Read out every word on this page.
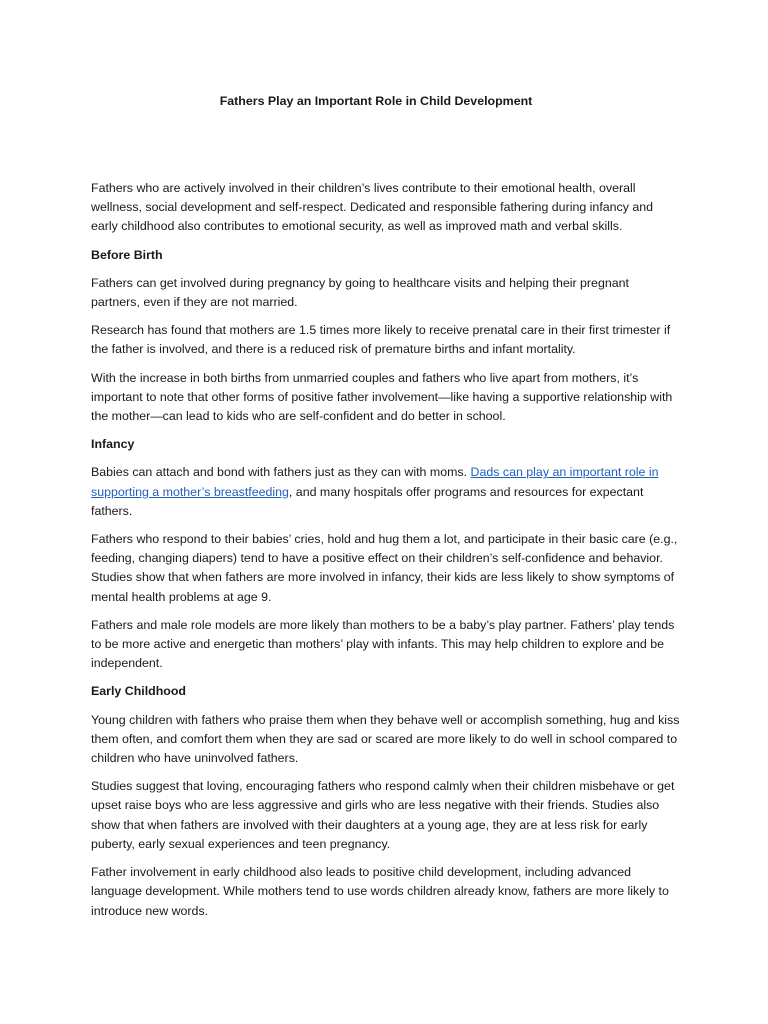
Fathers Play an Important Role in Child Development

Fathers who are actively involved in their children’s lives contribute to their emotional health, overall wellness, social development and self-respect. Dedicated and responsible fathering during infancy and early childhood also contributes to emotional security, as well as improved math and verbal skills.

Before Birth

Fathers can get involved during pregnancy by going to healthcare visits and helping their pregnant partners, even if they are not married.

Research has found that mothers are 1.5 times more likely to receive prenatal care in their first trimester if the father is involved, and there is a reduced risk of premature births and infant mortality.

With the increase in both births from unmarried couples and fathers who live apart from mothers, it’s important to note that other forms of positive father involvement—like having a supportive relationship with the mother—can lead to kids who are self-confident and do better in school.

Infancy

Babies can attach and bond with fathers just as they can with moms. Dads can play an important role in supporting a mother’s breastfeeding, and many hospitals offer programs and resources for expectant fathers.

Fathers who respond to their babies’ cries, hold and hug them a lot, and participate in their basic care (e.g., feeding, changing diapers) tend to have a positive effect on their children’s self-confidence and behavior. Studies show that when fathers are more involved in infancy, their kids are less likely to show symptoms of mental health problems at age 9.

Fathers and male role models are more likely than mothers to be a baby’s play partner. Fathers’ play tends to be more active and energetic than mothers’ play with infants. This may help children to explore and be independent.

Early Childhood

Young children with fathers who praise them when they behave well or accomplish something, hug and kiss them often, and comfort them when they are sad or scared are more likely to do well in school compared to children who have uninvolved fathers.

Studies suggest that loving, encouraging fathers who respond calmly when their children misbehave or get upset raise boys who are less aggressive and girls who are less negative with their friends. Studies also show that when fathers are involved with their daughters at a young age, they are at less risk for early puberty, early sexual experiences and teen pregnancy.

Father involvement in early childhood also leads to positive child development, including advanced language development. While mothers tend to use words children already know, fathers are more likely to introduce new words.
